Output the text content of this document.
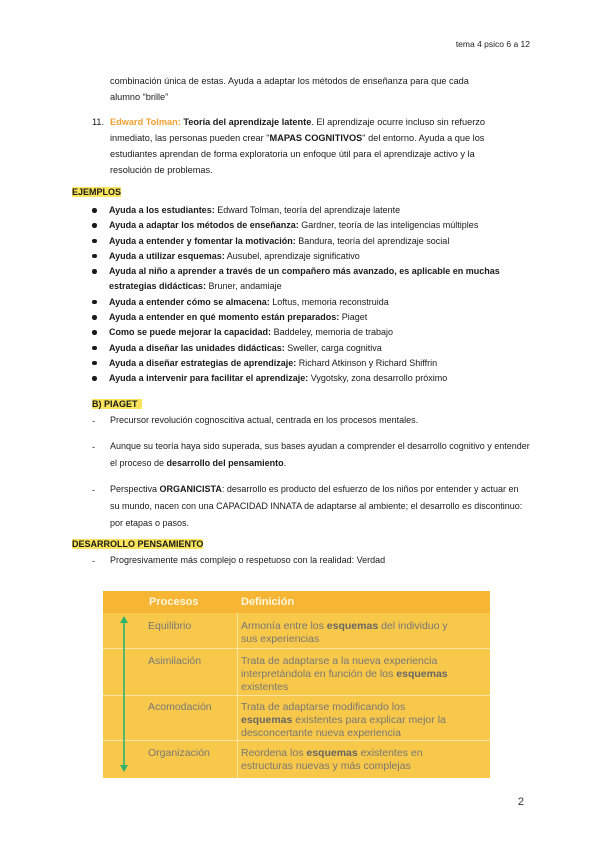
tema 4 psico 6 a 12
combinación única de estas. Ayuda a adaptar los métodos de enseñanza para que cada
alumno “brille”
11. Edward Tolman: Teoría del aprendizaje latente. El aprendizaje ocurre incluso sin refuerzo
inmediato, las personas pueden crear "MAPAS COGNITIVOS" del entorno. Ayuda a que los
estudiantes aprendan de forma exploratoria un enfoque útil para el aprendizaje activo y la
resolución de problemas.
EJEMPLOS
Ayuda a los estudiantes: Edward Tolman, teoría del aprendizaje latente
Ayuda a adaptar los métodos de enseñanza: Gardner, teoría de las inteligencias múltiples
Ayuda a entender y fomentar la motivación: Bandura, teoría del aprendizaje social
Ayuda a utilizar esquemas: Ausubel, aprendizaje significativo
Ayuda al niño a aprender a través de un compañero más avanzado, es aplicable en muchas estrategias didácticas: Bruner, andamiaje
Ayuda a entender cómo se almacena: Loftus, memoria reconstruida
Ayuda a entender en qué momento están preparados: Piaget
Como se puede mejorar la capacidad: Baddeley, memoria de trabajo
Ayuda a diseñar las unidades didácticas: Sweller, carga cognitiva
Ayuda a diseñar estrategias de aprendizaje: Richard Atkinson y Richard Shiffrin
Ayuda a intervenir para facilitar el aprendizaje: Vygotsky, zona desarrollo próximo
B) PIAGET
- Precursor revolución cognoscitiva actual, centrada en los procesos mentales.
- Aunque su teoría haya sido superada, sus bases ayudan a comprender el desarrollo cognitivo y entender el proceso de desarrollo del pensamiento.
- Perspectiva ORGANICISTA: desarrollo es producto del esfuerzo de los niños por entender y actuar en su mundo, nacen con una CAPACIDAD INNATA de adaptarse al ambiente; el desarrollo es discontinuo: por etapas o pasos.
DESARROLLO PENSAMIENTO
- Progresivamente más complejo o respetuoso con la realidad: Verdad
Procesos	Definición
Equilibrio	Armonía entre los esquemas del individuo y
sus experiencias
Asimilación	Trata de adaptarse a la nueva experiencia
interpretándola en función de los esquemas
existentes
Acomodación	Trata de adaptarse modificando los
esquemas existentes para explicar mejor la
desconcertante nueva experiencia
Organización	Reordena los esquemas existentes en
estructuras nuevas y más complejas
2
